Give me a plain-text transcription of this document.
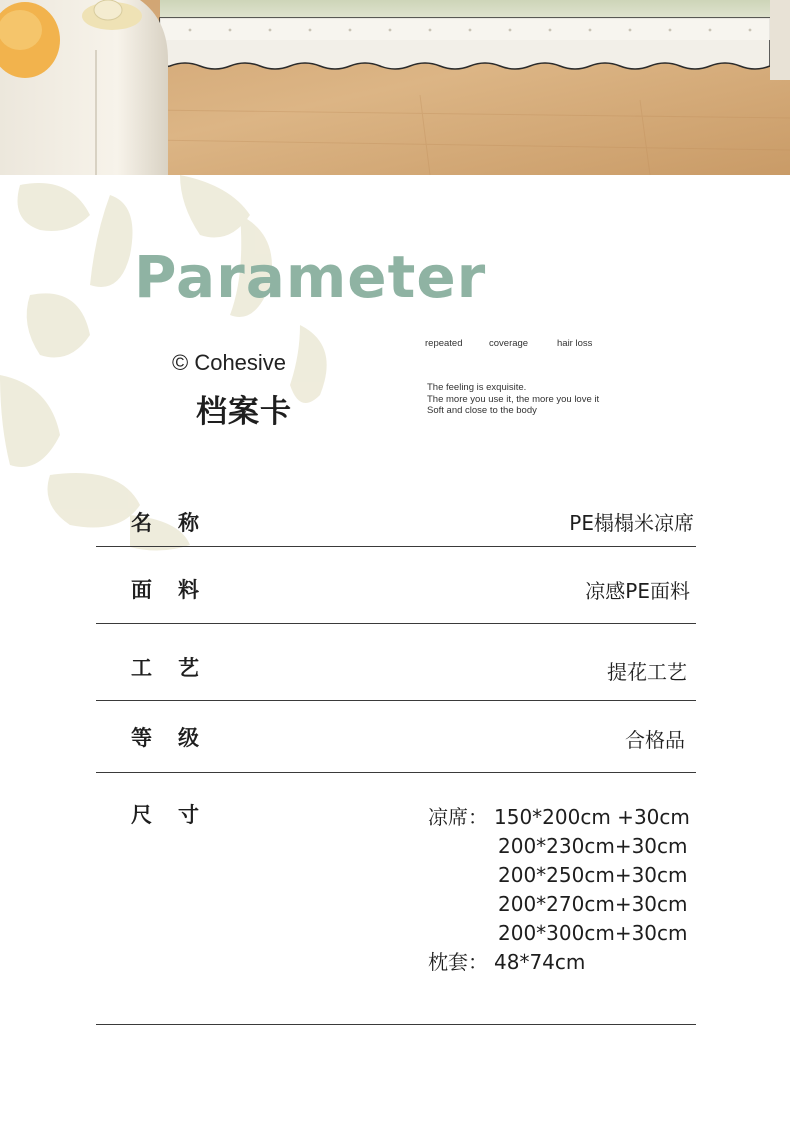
Parameter
© Cohesive
档案卡
repeated	coverage	hair loss
The feeling is exquisite.
The more you use it, the more you love it
Soft and close to the body
名 称	PE榻榻米凉席
面 料	凉感PE面料
工 艺	提花工艺
等 级	合格品
尺 寸	凉席： 150*200cm +30cm
200*230cm+30cm
200*250cm+30cm
200*270cm+30cm
200*300cm+30cm
枕套： 48*74cm
